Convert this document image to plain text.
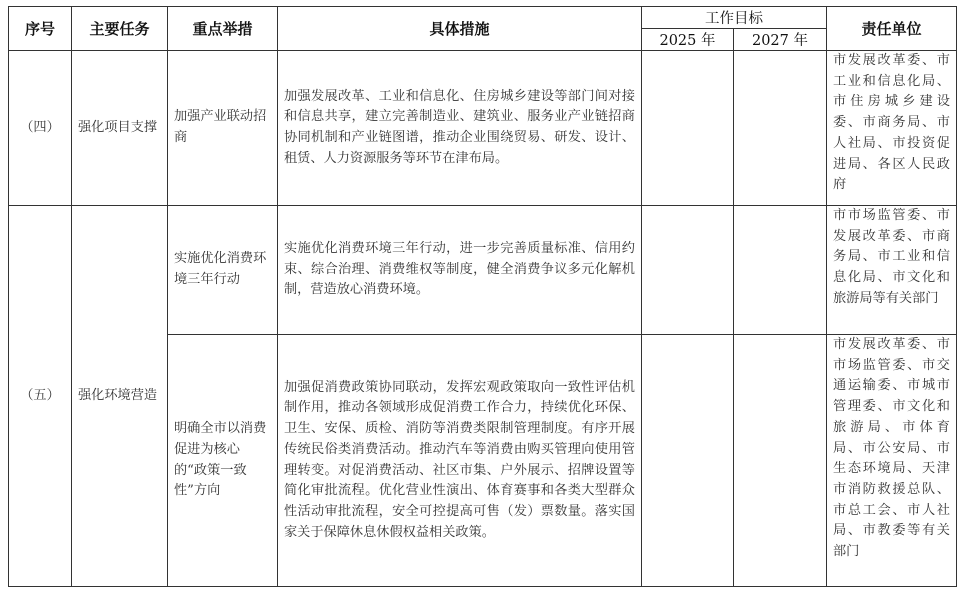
序号	主要任务	重点举措	具体措施	工作目标		责任单位
				2025 年	2027 年	
（四）	强化项目支撑	加强产业联动招商	加强发展改革、工业和信息化、住房城乡建设等部门间对接和信息共享，建立完善制造业、建筑业、服务业产业链招商协同机制和产业链图谱，推动企业围绕贸易、研发、设计、租赁、人力资源服务等环节在津布局。			市发展改革委、市工业和信息化局、市住房城乡建设委、市商务局、市人社局、市投资促进局、各区人民政府

（五）	强化环境营造	实施优化消费环境三年行动	实施优化消费环境三年行动，进一步完善质量标准、信用约束、综合治理、消费维权等制度，健全消费争议多元化解机制，营造放心消费环境。			市市场监管委、市发展改革委、市商务局、市工业和信息化局、市文化和旅游局等有关部门

		明确全市以消费促进为核心的“政策一致性”方向	加强促消费政策协同联动，发挥宏观政策取向一致性评估机制作用，推动各领域形成促消费工作合力，持续优化环保、卫生、安保、质检、消防等消费类限制管理制度。有序开展传统民俗类消费活动。推动汽车等消费由购买管理向使用管理转变。对促消费活动、社区市集、户外展示、招牌设置等简化审批流程。优化营业性演出、体育赛事和各类大型群众性活动审批流程，安全可控提高可售（发）票数量。落实国家关于保障休息休假权益相关政策。			市发展改革委、市市场监管委、市交通运输委、市城市管理委、市文化和旅游局、市体育局、市公安局、市生态环境局、天津市消防救援总队、市总工会、市人社局、市教委等有关部门
